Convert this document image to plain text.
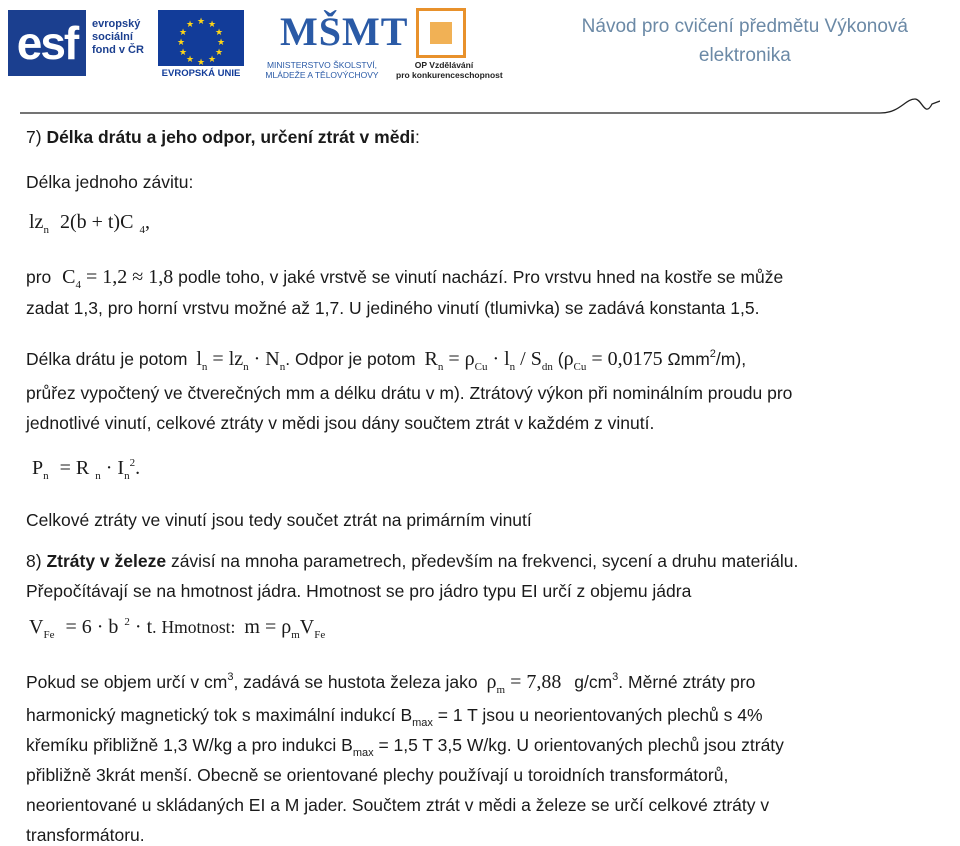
esf	evropský
sociální
fond v ČR
★ ★
★
★
★
★
★
★
★
★
★
★
EVROPSKÁ UNIE
MŠMT
MINISTERSTVO ŠKOLSTVÍ,
MLÁDEŽE A TĚLOVÝCHOVY
OP Vzdělávání
pro konkurenceschopnost
Návod pro cvičení předmětu Výkonová
elektronika
7) Délka drátu a jeho odpor, určení ztrát v mědi:
Délka jednoho závitu:
$lz_n$ 2(b + t)C $_4$,
pro $C_4 = 1,2 \approx 1,8$ podle toho, v jaké vrstvě se vinutí nachází. Pro vrstvu hned na kostře se může
zadat 1,3, pro horní vrstvu možné až 1,7. U jediného vinutí (tlumivka) se zadává konstanta 1,5.
Délka drátu je potom $l_n = lz_n \cdot N_n$. Odpor je potom $R_n = \rho_{Cu} \cdot l_n / S_{dn}$ ($\rho_{Cu} = 0,0175$ Ωmm$^2$/m),
průřez vypočtený ve čtverečných mm a délku drátu v m). Ztrátový výkon při nominálním proudu pro
jednotlivé vinutí, celkové ztráty v mědi jsou dány součtem ztrát v každém z vinutí.
$P_n = R$ $_n \cdot I_n^2$.
Celkové ztráty ve vinutí jsou tedy součet ztrát na primárním vinutí
8) Ztráty v železe závisí na mnoha parametrech, především na frekvenci, sycení a druhu materiálu.
Přepočítávají se na hmotnost jádra. Hmotnost se pro jádro typu EI určí z objemu jádra
$V_{Fe} = 6 \cdot b$ $^2$ · t. Hmotnost: $m = \rho_mV_{Fe}$
Pokud se objem určí v $cm^3$, zadává se hustota železa jako $\rho_m = 7,88$ $g/cm^3$. Měrné ztráty pro
harmonický magnetický tok s maximální indukcí $B_{max} = 1$ T jsou u neorientovaných plechů s 4%
křemíku přibližně 1,3 W/kg a pro indukci $B_{max} = 1,5$ T 3,5 W/kg. U orientovaných plechů jsou ztráty
přibližně 3krát menší. Obecně se orientované plechy používají u toroidních transformátorů,
neorientované u skládaných EI a M jader. Součtem ztrát v mědi a železe se určí celkové ztráty v
transformátoru.
